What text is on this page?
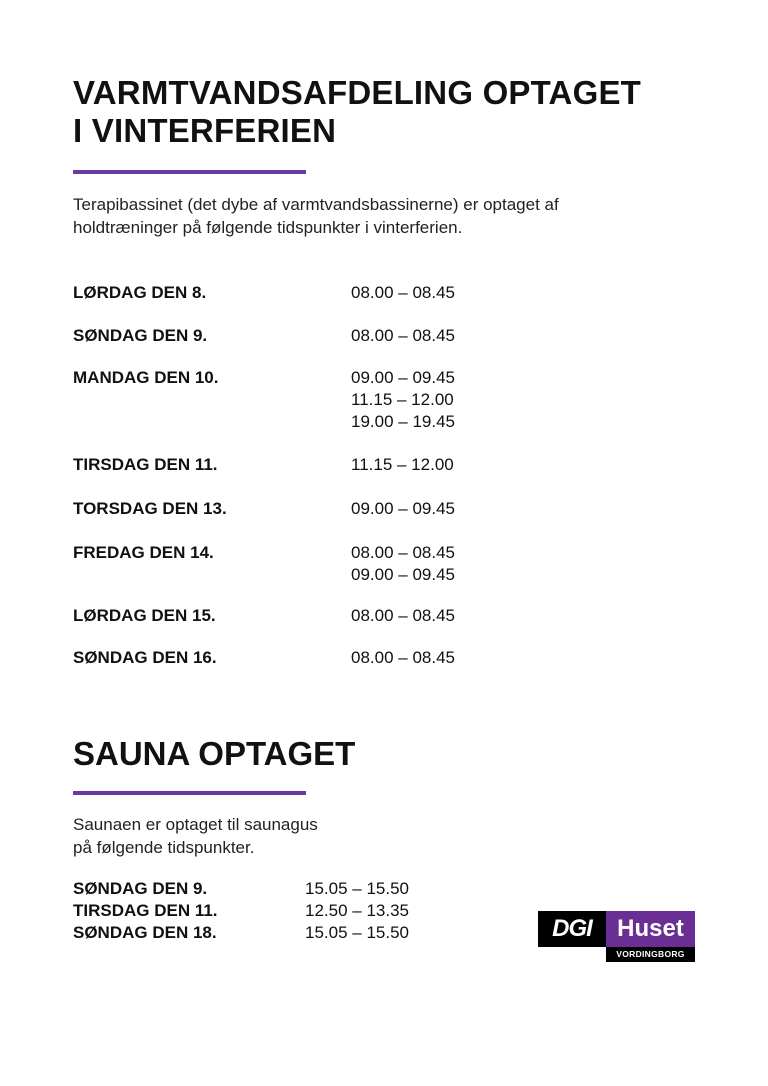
VARMTVANDSAFDELING OPTAGET
I VINTERFERIEN
Terapibassinet (det dybe af varmtvandsbassinerne) er optaget af
holdtræninger på følgende tidspunkter i vinterferien.
LØRDAG DEN 8.	08.00 – 08.45
SØNDAG DEN 9.	08.00 – 08.45
MANDAG DEN 10.	09.00 – 09.45
11.15 – 12.00
19.00 – 19.45
TIRSDAG DEN 11.	11.15 – 12.00
TORSDAG DEN 13.	09.00 – 09.45
FREDAG DEN 14.	08.00 – 08.45
09.00 – 09.45
LØRDAG DEN 15.	08.00 – 08.45
SØNDAG DEN 16.	08.00 – 08.45
SAUNA OPTAGET
Saunaen er optaget til saunagus
på følgende tidspunkter.
SØNDAG DEN 9.	15.05 – 15.50
TIRSDAG DEN 11.	12.50 – 13.35
SØNDAG DEN 18.	15.05 – 15.50	DGI	Huset
VORDINGBORG
